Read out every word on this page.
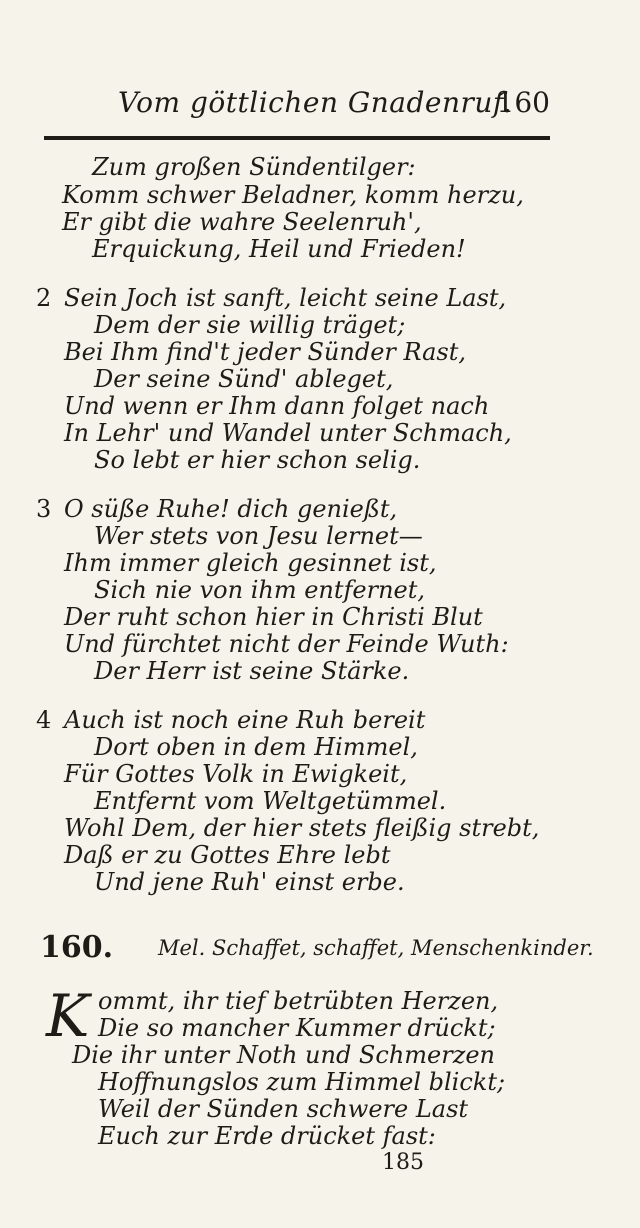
Vom göttlichen Gnadenruf.
160
Zum großen Sündentilger:
Komm schwer Beladner, komm herzu,
Er gibt die wahre Seelenruh',
Erquickung, Heil und Frieden!
2 Sein Joch ist sanft, leicht seine Last,
Dem der sie willig träget;
Bei Ihm find't jeder Sünder Rast,
Der seine Sünd' ableget,
Und wenn er Ihm dann folget nach
In Lehr' und Wandel unter Schmach,
So lebt er hier schon selig.
3 O süße Ruhe! dich genießt,
Wer stets von Jesu lernet—
Ihm immer gleich gesinnet ist,
Sich nie von ihm entfernet,
Der ruht schon hier in Christi Blut
Und fürchtet nicht der Feinde Wuth:
Der Herr ist seine Stärke.
4 Auch ist noch eine Ruh bereit
Dort oben in dem Himmel,
Für Gottes Volk in Ewigkeit,
Entfernt vom Weltgetümmel.
Wohl Dem, der hier stets fleißig strebt,
Daß er zu Gottes Ehre lebt
Und jene Ruh' einst erbe.
160. Mel. Schaffet, schaffet, Menschenkinder.
K ommt, ihr tief betrübten Herzen,
Die so mancher Kummer drückt;
Die ihr unter Noth und Schmerzen
Hoffnungslos zum Himmel blickt;
Weil der Sünden schwere Last
Euch zur Erde drücket fast:
185
